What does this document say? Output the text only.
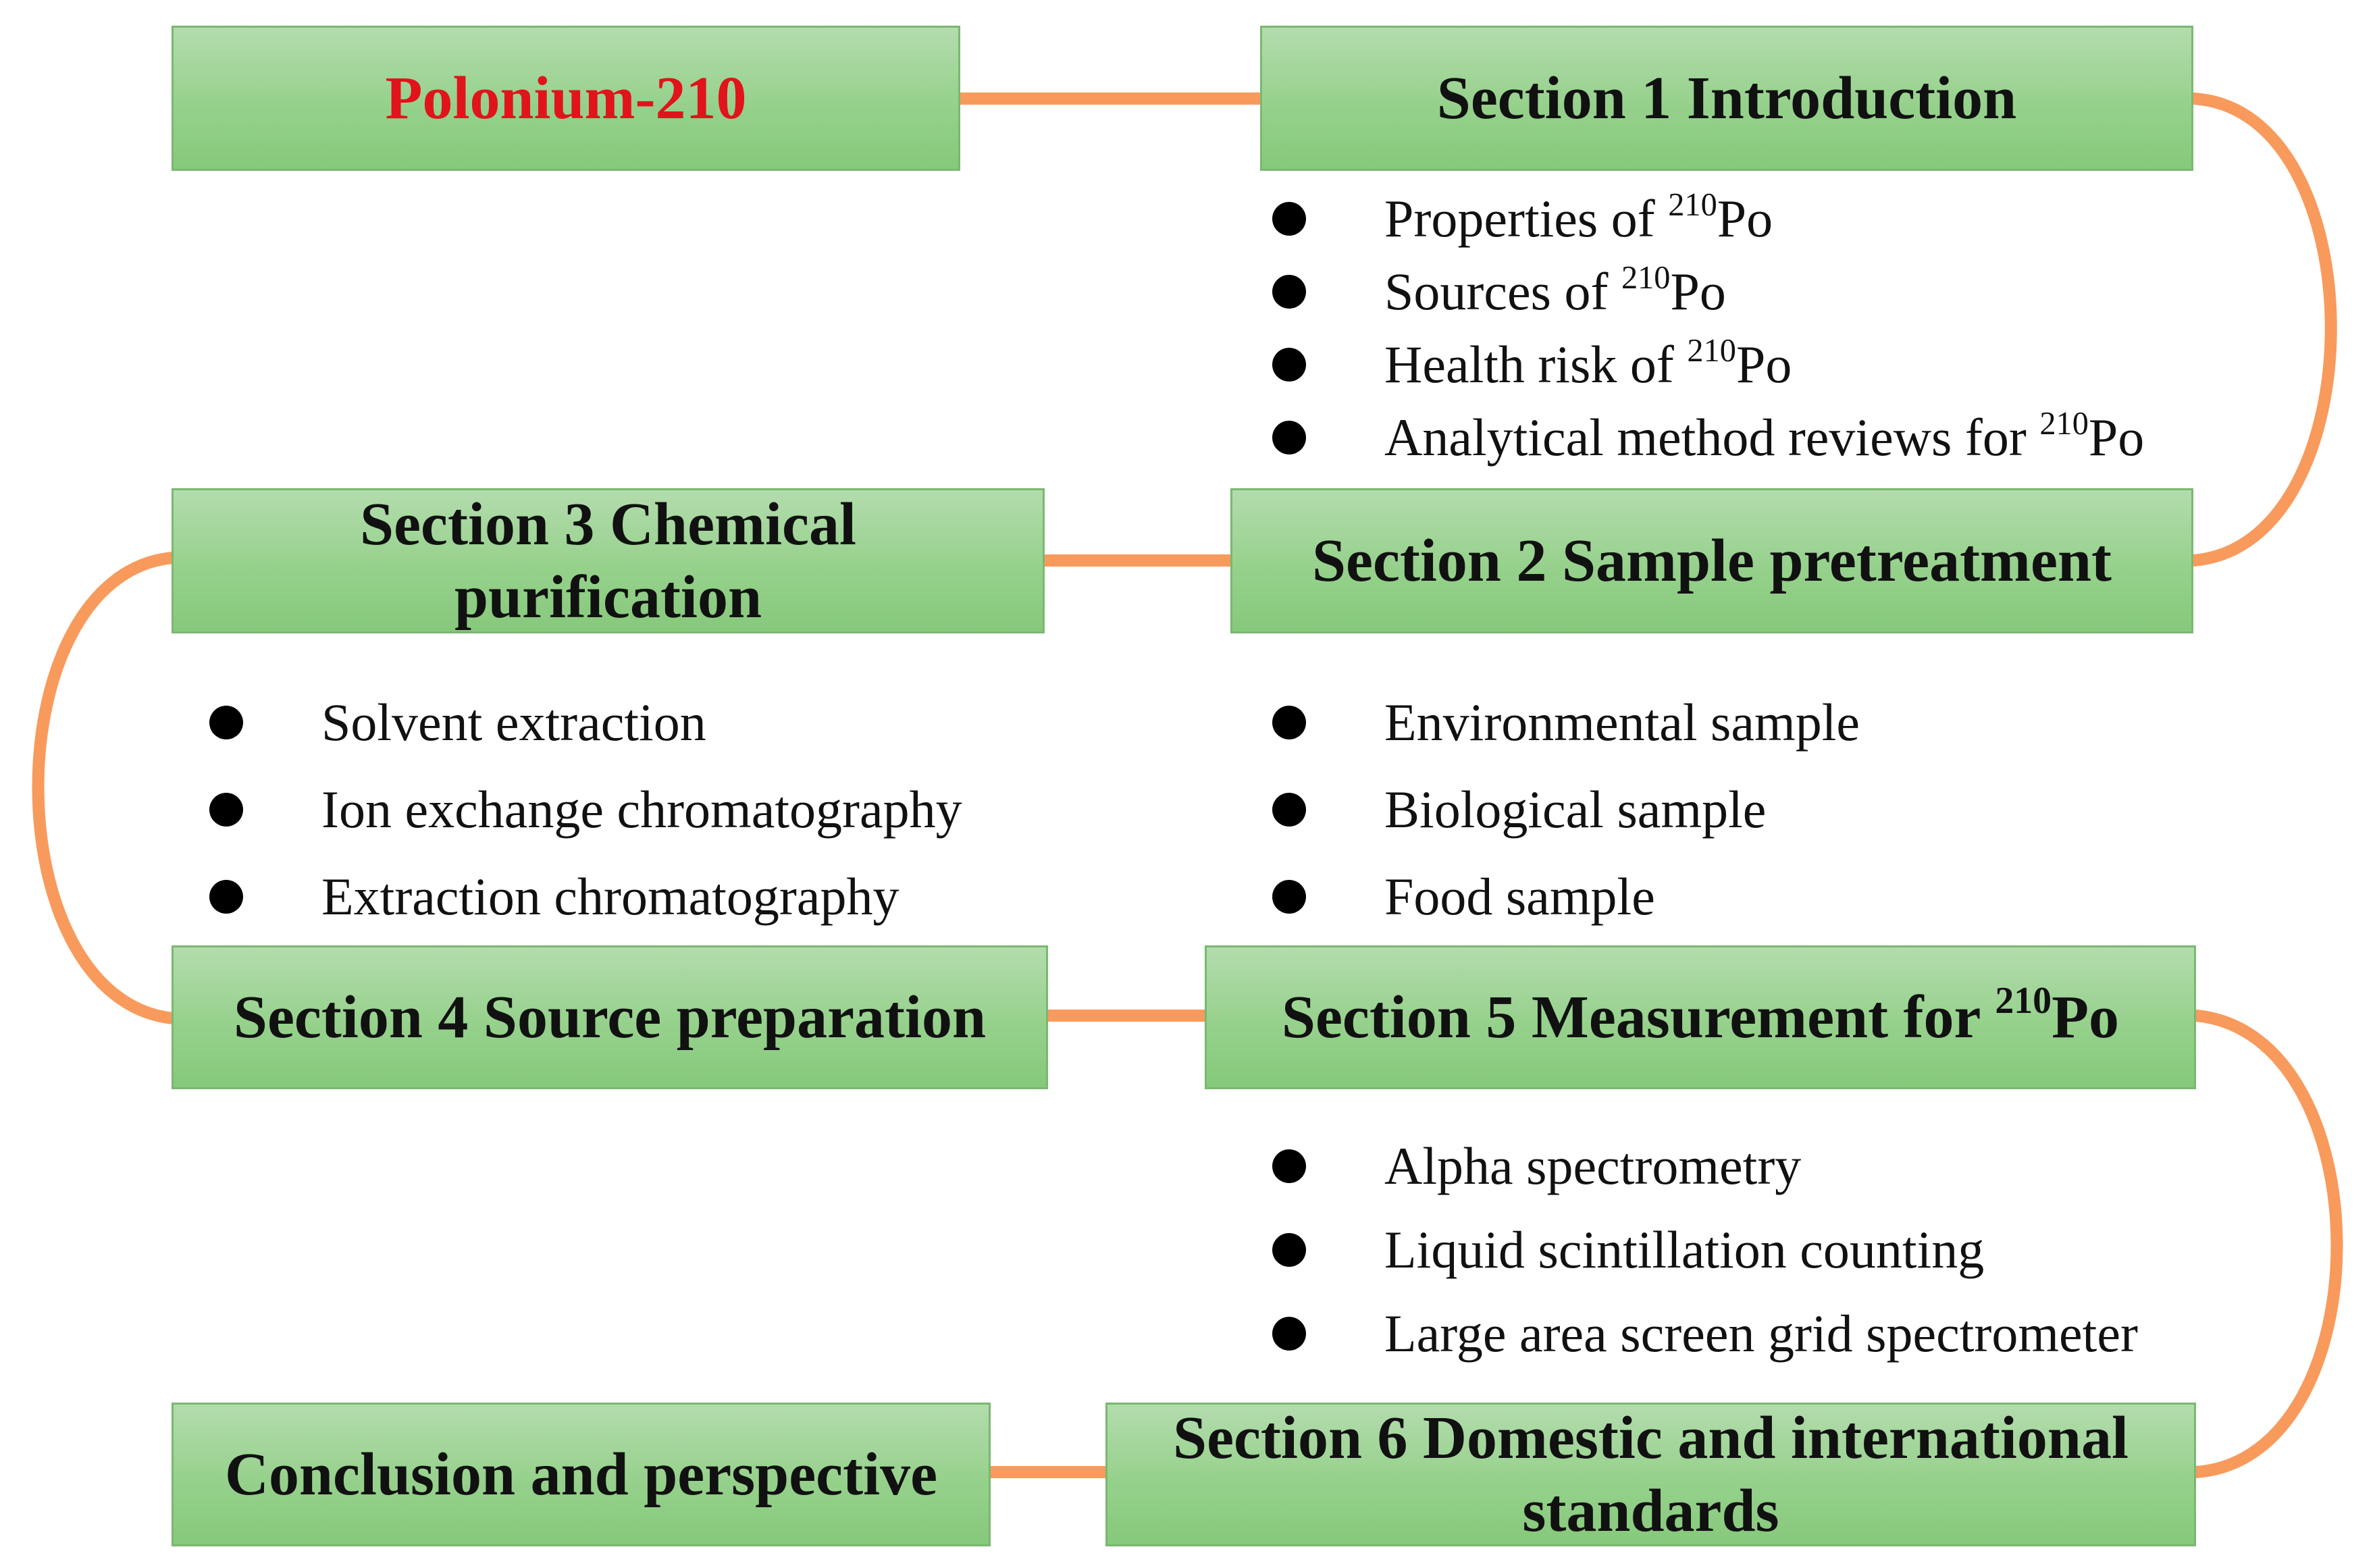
Polonium-210	Section 1 Introduction
Section 2 Sample pretreatment
Section 3 Chemical
purification
Section 4 Source preparation	Section 5 Measurement for $^{210}$Po
Section 6 Domestic and international
standards
Conclusion and perspective
Properties of $^{210}$Po
Sources of $^{210}$Po
Health risk of $^{210}$Po
Analytical method reviews for $^{210}$Po
Environmental sample
Biological sample
Food sample
Solvent extraction
Ion exchange chromatography
Extraction chromatography
Alpha spectrometry
Liquid scintillation counting
Large area screen grid spectrometer
